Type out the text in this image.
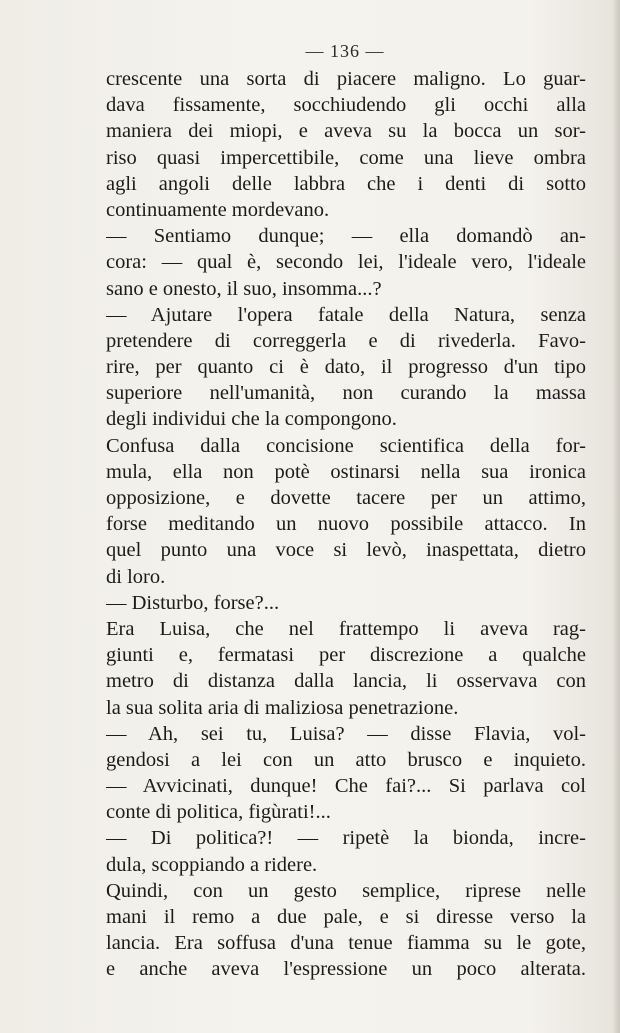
— 136 —
crescente una sorta di piacere maligno. Lo guar-
dava fissamente, socchiudendo gli occhi alla
maniera dei miopi, e aveva su la bocca un sor-
riso quasi impercettibile, come una lieve ombra
agli angoli delle labbra che i denti di sotto
continuamente mordevano.
— Sentiamo dunque; — ella domandò an-
cora: — qual è, secondo lei, l'ideale vero, l'ideale
sano e onesto, il suo, insomma...?
— Ajutare l'opera fatale della Natura, senza
pretendere di correggerla e di rivederla. Favo-
rire, per quanto ci è dato, il progresso d'un tipo
superiore nell'umanità, non curando la massa
degli individui che la compongono.
Confusa dalla concisione scientifica della for-
mula, ella non potè ostinarsi nella sua ironica
opposizione, e dovette tacere per un attimo,
forse meditando un nuovo possibile attacco. In
quel punto una voce si levò, inaspettata, dietro
di loro.
— Disturbo, forse?...
Era Luisa, che nel frattempo li aveva rag-
giunti e, fermatasi per discrezione a qualche
metro di distanza dalla lancia, li osservava con
la sua solita aria di maliziosa penetrazione.
— Ah, sei tu, Luisa? — disse Flavia, vol-
gendosi a lei con un atto brusco e inquieto.
— Avvicinati, dunque! Che fai?... Si parlava col
conte di politica, figùrati!...
— Di politica?! — ripetè la bionda, incre-
dula, scoppiando a ridere.
Quindi, con un gesto semplice, riprese nelle
mani il remo a due pale, e si diresse verso la
lancia. Era soffusa d'una tenue fiamma su le gote,
e anche aveva l'espressione un poco alterata.
